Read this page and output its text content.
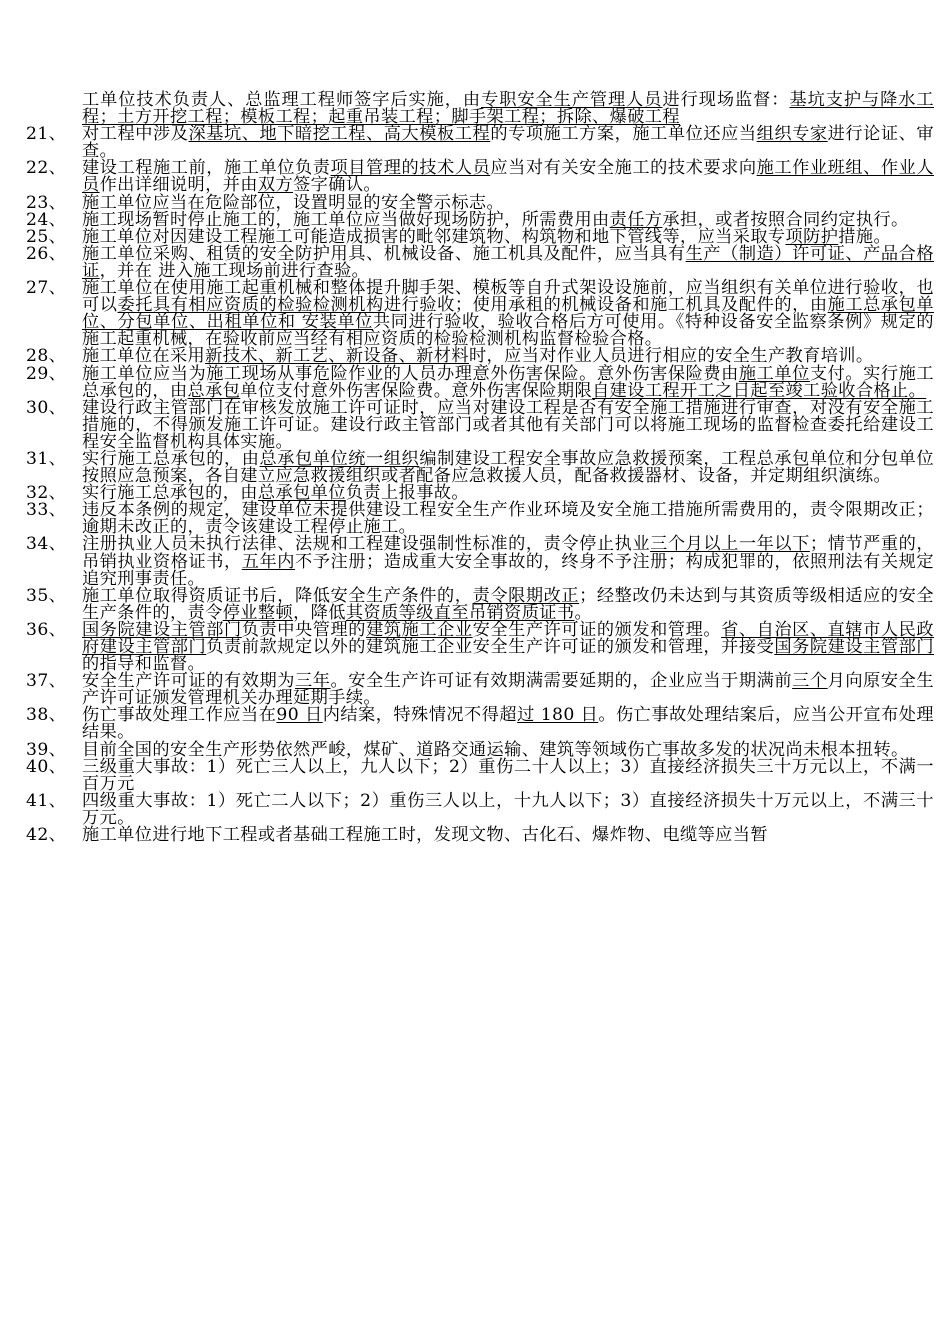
工单位技术负责人、总监理工程师签字后实施，由专职安全生产管理人员进行现场监督：基坑支护与降水工程；土方开挖工程；模板工程；起重吊装工程；脚手架工程；拆除、爆破工程
21、 对工程中涉及深基坑、地下暗挖工程、高大模板工程的专项施工方案，施工单位还应当组织专家进行论证、审查。
22、 建设工程施工前，施工单位负责项目管理的技术人员应当对有关安全施工的技术要求向施工作业班组、作业人员作出详细说明，并由双方签字确认。
23、 施工单位应当在危险部位，设置明显的安全警示标志。
24、 施工现场暂时停止施工的，施工单位应当做好现场防护，所需费用由责任方承担，或者按照合同约定执行。
25、 施工单位对因建设工程施工可能造成损害的毗邻建筑物、构筑物和地下管线等，应当采取专项防护措施。
26、 施工单位采购、租赁的安全防护用具、机械设备、施工机具及配件，应当具有生产（制造）许可证、产品合格证，并在 进入施工现场前进行查验。
27、 施工单位在使用施工起重机械和整体提升脚手架、模板等自升式架设设施前，应当组织有关单位进行验收，也可以委托具有相应资质的检验检测机构进行验收；使用承租的机械设备和施工机具及配件的，由施工总承包单位、分包单位、出租单位和 安装单位共同进行验收，验收合格后方可使用。《特种设备安全监察条例》规定的施工起重机械，在验收前应当经有相应资质的检验检测机构监督检验合格。
28、 施工单位在采用新技术、新工艺、新设备、新材料时，应当对作业人员进行相应的安全生产教育培训。
29、 施工单位应当为施工现场从事危险作业的人员办理意外伤害保险。意外伤害保险费由施工单位支付。实行施工总承包的，由总承包单位支付意外伤害保险费。意外伤害保险期限自建设工程开工之日起至竣工验收合格止。
30、 建设行政主管部门在审核发放施工许可证时，应当对建设工程是否有安全施工措施进行审查，对没有安全施工措施的，不得颁发施工许可证。建设行政主管部门或者其他有关部门可以将施工现场的监督检查委托给建设工程安全监督机构具体实施。
31、 实行施工总承包的，由总承包单位统一组织编制建设工程安全事故应急救援预案，工程总承包单位和分包单位按照应急预案，各自建立应急救援组织或者配备应急救援人员，配备救援器材、设备，并定期组织演练。
32、 实行施工总承包的，由总承包单位负责上报事故。
33、 违反本条例的规定，建设单位未提供建设工程安全生产作业环境及安全施工措施所需费用的，责令限期改正；逾期未改正的，责令该建设工程停止施工。
34、 注册执业人员未执行法律、法规和工程建设强制性标准的，责令停止执业三个月以上一年以下；情节严重的，吊销执业资格证书，五年内不予注册；造成重大安全事故的，终身不予注册；构成犯罪的，依照刑法有关规定追究刑事责任。
35、 施工单位取得资质证书后，降低安全生产条件的，责令限期改正；经整改仍未达到与其资质等级相适应的安全生产条件的，责令停业整顿，降低其资质等级直至吊销资质证书。
36、 国务院建设主管部门负责中央管理的建筑施工企业安全生产许可证的颁发和管理。省、自治区、直辖市人民政府建设主管部门负责前款规定以外的建筑施工企业安全生产许可证的颁发和管理，并接受国务院建设主管部门的指导和监督。
37、 安全生产许可证的有效期为三年。安全生产许可证有效期满需要延期的，企业应当于期满前三个月向原安全生产许可证颁发管理机关办理延期手续。
38、 伤亡事故处理工作应当在90 日内结案，特殊情况不得超过 180 日。伤亡事故处理结案后，应当公开宣布处理结果。
39、 目前全国的安全生产形势依然严峻，煤矿、道路交通运输、建筑等领域伤亡事故多发的状况尚未根本扭转。
40、 三级重大事故：1）死亡三人以上，九人以下；2）重伤二十人以上；3）直接经济损失三十万元以上，不满一百万元
41、 四级重大事故：1）死亡二人以下；2）重伤三人以上，十九人以下；3）直接经济损失十万元以上，不满三十万元。
42、 施工单位进行地下工程或者基础工程施工时，发现文物、古化石、爆炸物、电缆等应当暂
